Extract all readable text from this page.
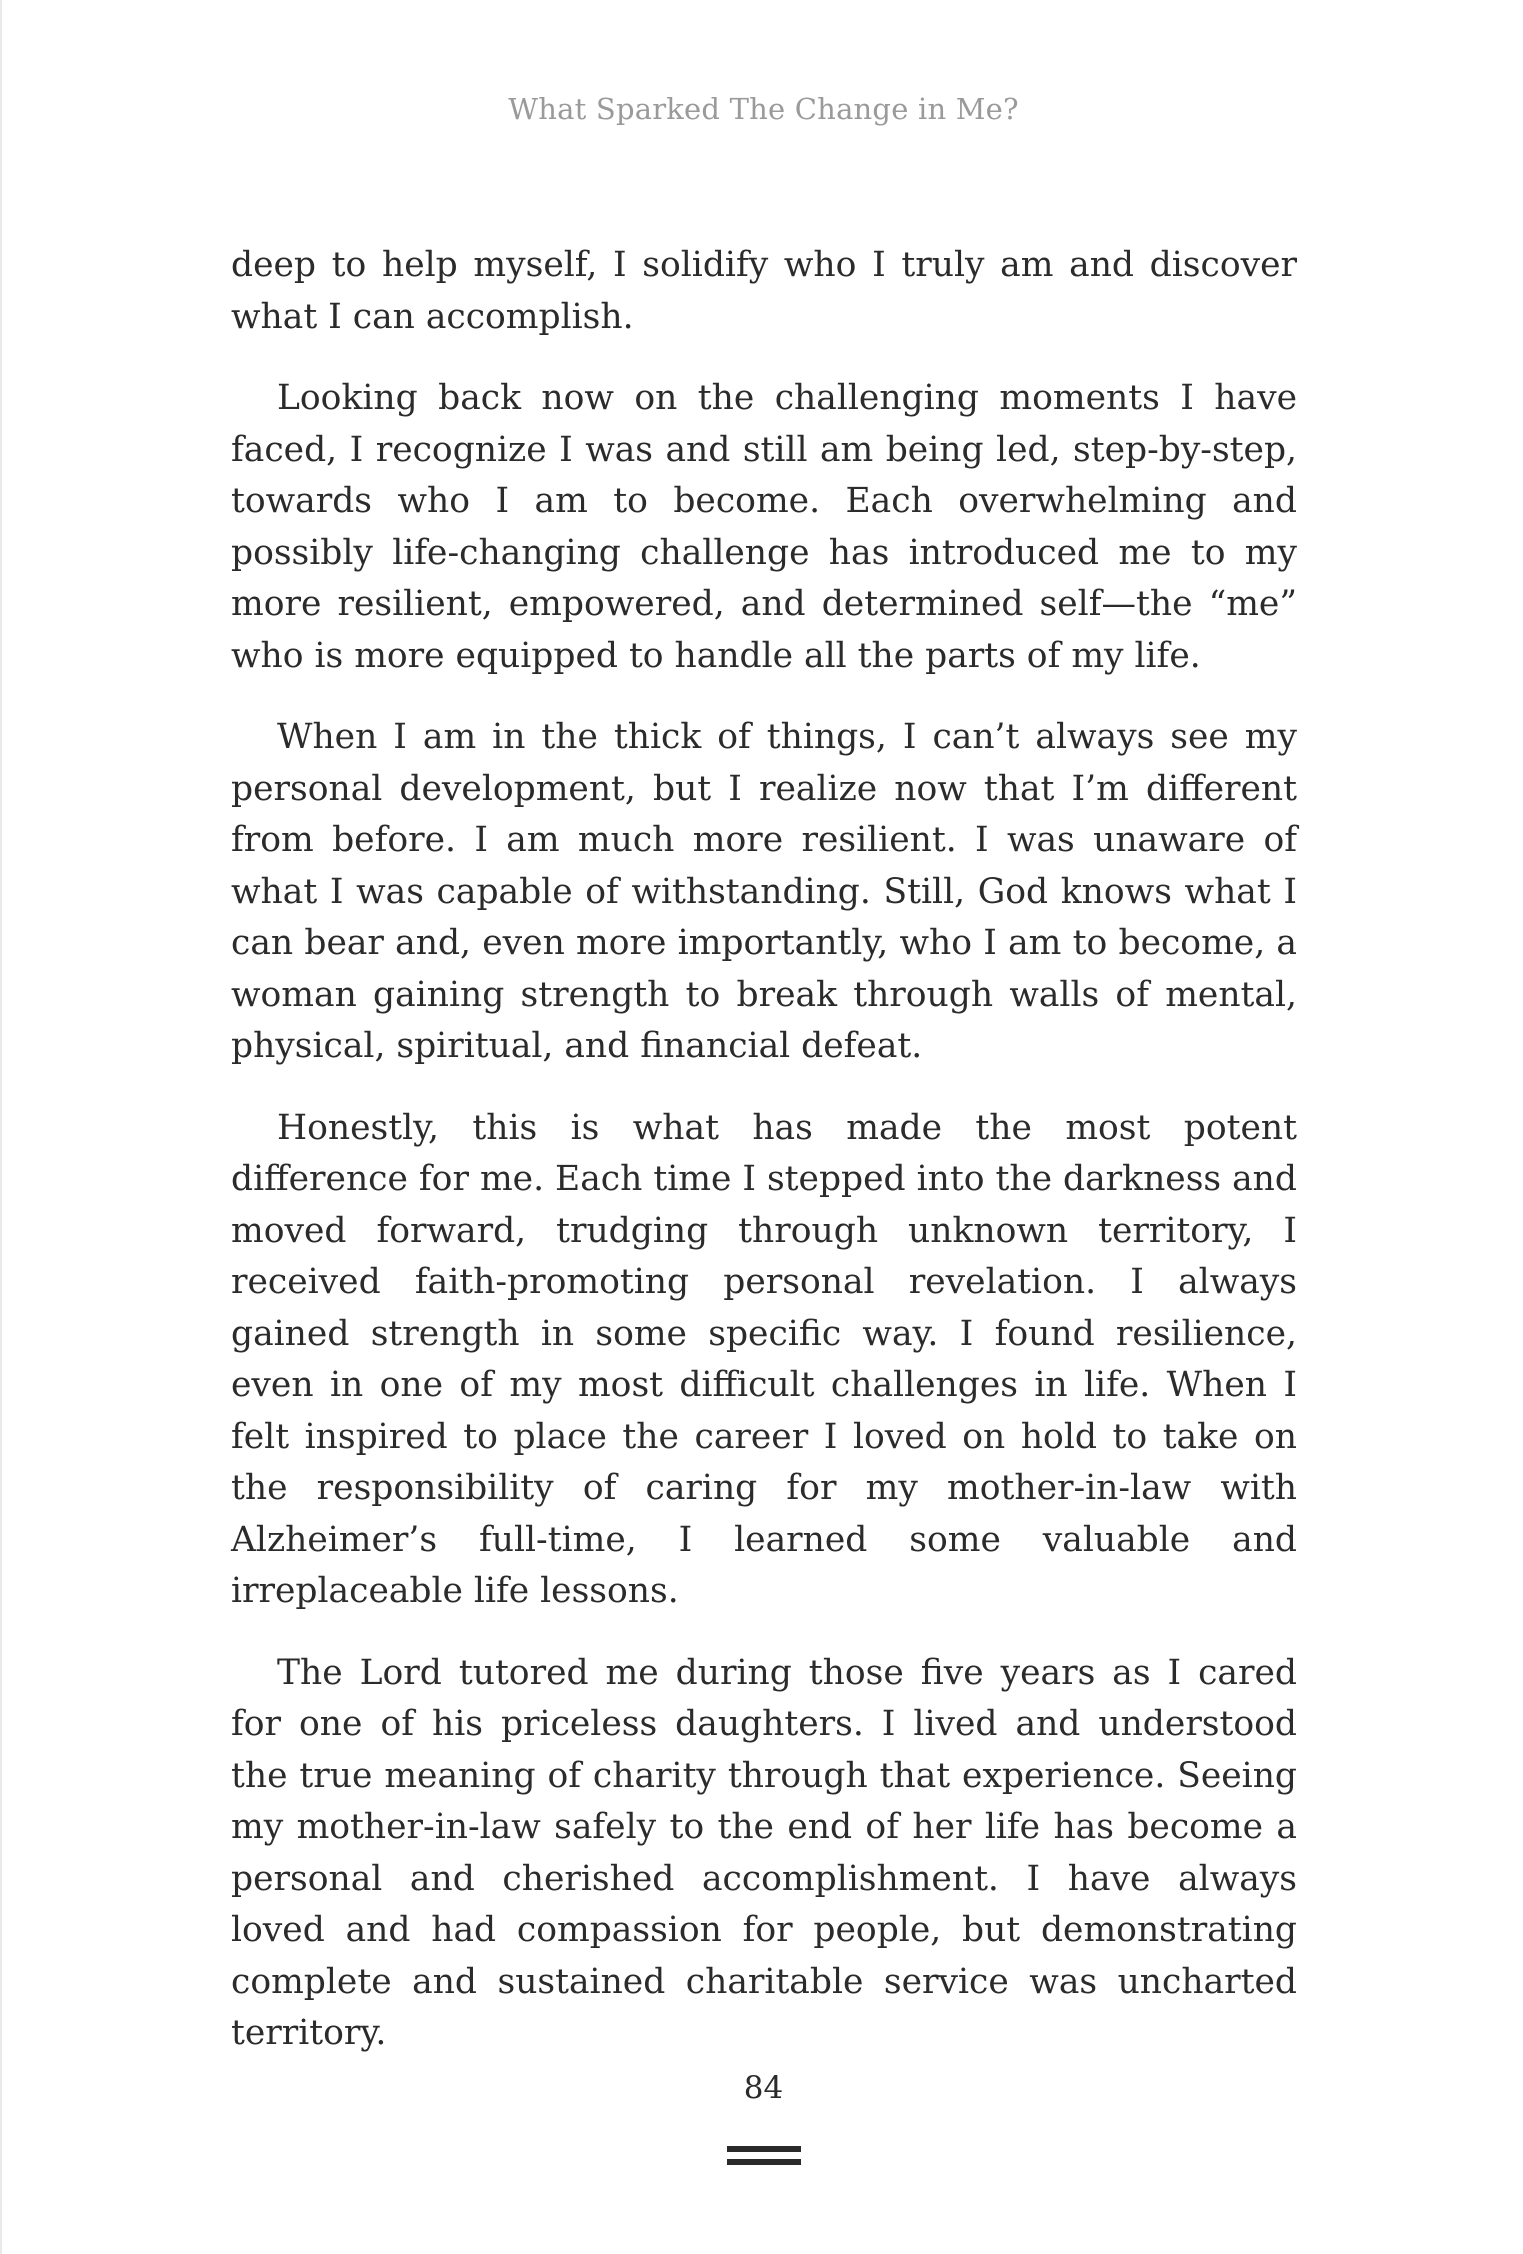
What Sparked The Change in Me?

deep to help myself, I solidify who I truly am and discover what I can accomplish.

Looking back now on the challenging moments I have faced, I recognize I was and still am being led, step-by-step, towards who I am to become. Each overwhelming and possibly life-changing challenge has introduced me to my more resilient, empowered, and determined self—the “me” who is more equipped to handle all the parts of my life.

When I am in the thick of things, I can’t always see my personal development, but I realize now that I’m different from before. I am much more resilient. I was unaware of what I was capable of withstanding. Still, God knows what I can bear and, even more importantly, who I am to become, a woman gaining strength to break through walls of mental, physical, spiritual, and financial defeat.

Honestly, this is what has made the most potent difference for me. Each time I stepped into the darkness and moved forward, trudging through unknown territory, I received faith-promoting personal revelation. I always gained strength in some specific way. I found resilience, even in one of my most difficult challenges in life. When I felt inspired to place the career I loved on hold to take on the responsibility of caring for my mother-in-law with Alzheimer’s full-time, I learned some valuable and irreplaceable life lessons.

The Lord tutored me during those five years as I cared for one of his priceless daughters. I lived and understood the true meaning of charity through that experience. Seeing my mother-in-law safely to the end of her life has become a personal and cherished accomplishment. I have always loved and had compassion for people, but demonstrating complete and sustained charitable service was uncharted territory.

84
